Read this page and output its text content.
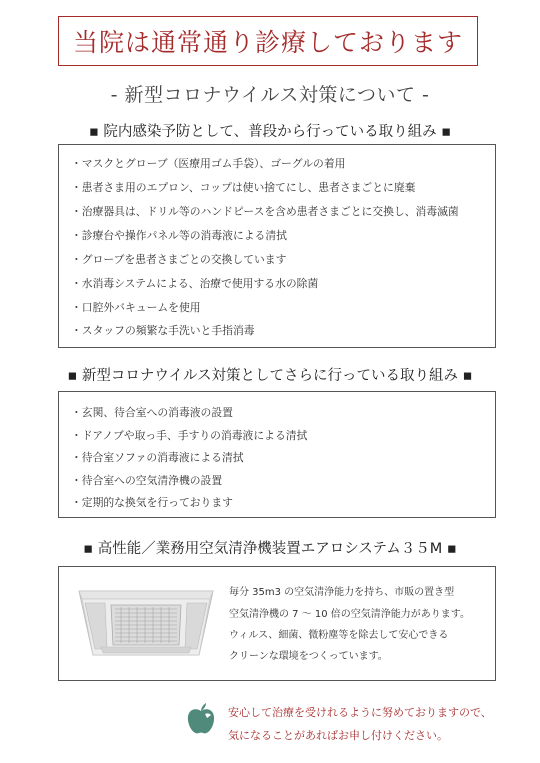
当院は通常通り診療しております
- 新型コロナウイルス対策について -
▪ 院内感染予防として、普段から行っている取り組み ▪
・マスクとグローブ（医療用ゴム手袋）、ゴーグルの着用
・患者さま用のエプロン、コップは使い捨てにし、患者さまごとに廃棄
・治療器具は、ドリル等のハンドピースを含め患者さまごとに交換し、消毒滅菌
・診療台や操作パネル等の消毒液による清拭
・グローブを患者さまごとの交換しています
・水消毒システムによる、治療で使用する水の除菌
・口腔外バキュームを使用
・スタッフの頻繁な手洗いと手指消毒
▪ 新型コロナウイルス対策としてさらに行っている取り組み ▪
・玄関、待合室への消毒液の設置
・ドアノブや取っ手、手すりの消毒液による清拭
・待合室ソファの消毒液による清拭
・待合室への空気清浄機の設置
・定期的な換気を行っております
▪ 高性能／業務用空気清浄機装置エアロシステム３５M ▪
毎分 35m3 の空気清浄能力を持ち、市販の置き型
空気清浄機の 7 〜 10 倍の空気清浄能力があります。
ウィルス、細菌、微粉塵等を除去して安心できる
クリーンな環境をつくっています。
安心して治療を受けれるように努めておりますので、
気になることがあればお申し付けください。
